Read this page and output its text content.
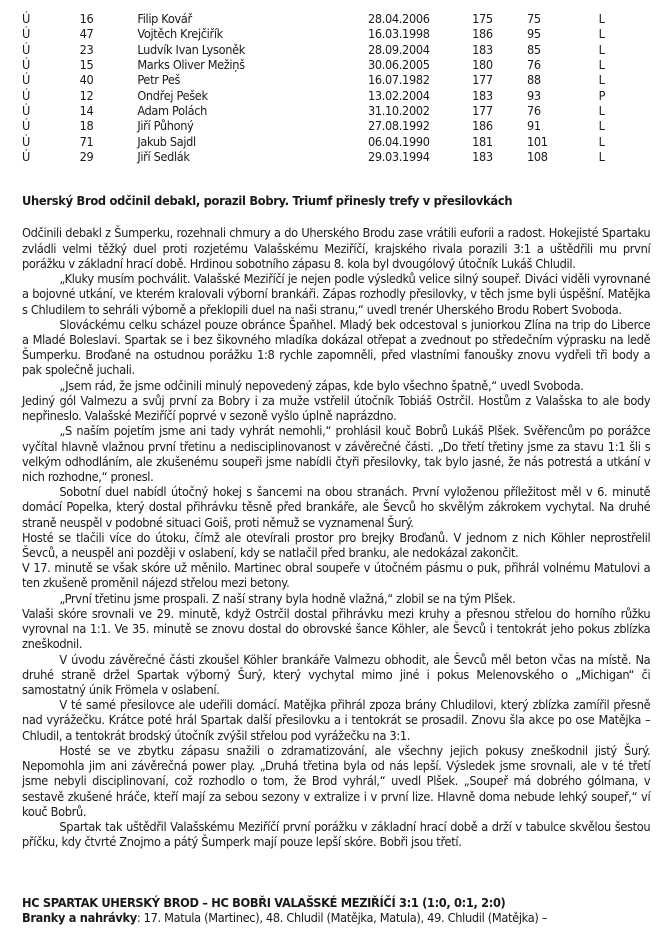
Ú	16	Filip Kovář	28.04.2006	175	75	L
Ú	47	Vojtěch Krejčiřík	16.03.1998	186	95	L
Ú	23	Ludvík Ivan Lysoněk	28.09.2004	183	85	L
Ú	15	Marks Oliver Mežiņš	30.06.2005	180	76	L
Ú	40	Petr Peš	16.07.1982	177	88	L
Ú	12	Ondřej Pešek	13.02.2004	183	93	P
Ú	14	Adam Polách	31.10.2002	177	76	L
Ú	18	Jiří Půhoný	27.08.1992	186	91	L
Ú	71	Jakub Sajdl	06.04.1990	181	101	L
Ú	29	Jiří Sedlák	29.03.1994	183	108	L
Uherský Brod odčinil debakl, porazil Bobry. Triumf přinesly trefy v přesilovkách

Odčinili debakl z Šumperku, rozehnali chmury a do Uherského Brodu zase vrátili euforii a radost. Hokejisté Spartaku zvládli velmi těžký duel proti rozjetému Valašskému Meziříčí, krajského rivala porazili 3:1 a uštědřili mu první porážku v základní hrací době. Hrdinou sobotního zápasu 8. kola byl dvougólový útočník Lukáš Chludil.

„Kluky musím pochválit. Valašské Meziříčí je nejen podle výsledků velice silný soupeř. Diváci viděli vyrovnané a bojovné utkání, ve kterém kralovali výborní brankáři. Zápas rozhodly přesilovky, v těch jsme byli úspěšní. Matějka s Chludilem to sehráli výborně a překlopili duel na naši stranu,“ uvedl trenér Uherského Brodu Robert Svoboda.

Slováckému celku scházel pouze obránce Špaňhel. Mladý bek odcestoval s juniorkou Zlína na trip do Liberce a Mladé Boleslavi. Spartak se i bez šikovného mladíka dokázal otřepat a zvednout po středečním výprasku na ledě Šumperku. Broďané na ostudnou porážku 1:8 rychle zapomněli, před vlastními fanoušky znovu vydřeli tři body a pak společně juchali.

„Jsem rád, že jsme odčinili minulý nepovedený zápas, kde bylo všechno špatně,“ uvedl Svoboda.

Jediný gól Valmezu a svůj první za Bobry i za muže vstřelil útočník Tobiáš Ostrčil. Hostům z Valašska to ale body nepřineslo. Valašské Meziříčí poprvé v sezoně vyšlo úplně naprázdno.

„S naším pojetím jsme ani tady vyhrát nemohli,“ prohlásil kouč Bobrů Lukáš Plšek. Svěřencům po porážce vyčítal hlavně vlažnou první třetinu a nedisciplinovanost v závěrečné části. „Do třetí třetiny jsme za stavu 1:1 šli s velkým odhodláním, ale zkušenému soupeři jsme nabídli čtyři přesilovky, tak bylo jasné, že nás potrestá a utkání v nich rozhodne,“ pronesl.

Sobotní duel nabídl útočný hokej s šancemi na obou stranách. První vyloženou příležitost měl v 6. minutě domácí Popelka, který dostal přihrávku těsně před brankáře, ale Ševců ho skvělým zákrokem vychytal. Na druhé straně neuspěl v podobné situaci Goiš, proti němuž se vyznamenal Šurý.

Hosté se tlačili více do útoku, čímž ale otevírali prostor pro brejky Broďanů. V jednom z nich Köhler neprostřelil Ševců, a neuspěl ani později v oslabení, kdy se natlačil před branku, ale nedokázal zakončit.

V 17. minutě se však skóre už měnilo. Martinec obral soupeře v útočném pásmu o puk, přihrál volnému Matulovi a ten zkušeně proměnil nájezd střelou mezi betony.

„První třetinu jsme prospali. Z naší strany byla hodně vlažná,“ zlobil se na tým Plšek.

Valaši skóre srovnali ve 29. minutě, když Ostrčil dostal přihrávku mezi kruhy a přesnou střelou do horního růžku vyrovnal na 1:1. Ve 35. minutě se znovu dostal do obrovské šance Köhler, ale Ševců i tentokrát jeho pokus zblízka zneškodnil.

V úvodu závěrečné části zkoušel Köhler brankáře Valmezu obhodit, ale Ševců měl beton včas na místě. Na druhé straně držel Spartak výborný Šurý, který vychytal mimo jiné i pokus Melenovského o „Michigan“ či samostatný únik Frömela v oslabení.

V té samé přesilovce ale udeřili domácí. Matějka přihrál zpoza brány Chludilovi, který zblízka zamířil přesně nad vyrážečku. Krátce poté hrál Spartak další přesilovku a i tentokrát se prosadil. Znovu šla akce po ose Matějka – Chludil, a tentokrát brodský útočník zvýšil střelou pod vyrážečku na 3:1.

Hosté se ve zbytku zápasu snažili o zdramatizování, ale všechny jejich pokusy zneškodnil jistý Šurý. Nepomohla jim ani závěrečná power play. „Druhá třetina byla od nás lepší. Výsledek jsme srovnali, ale v té třetí jsme nebyli disciplinovaní, což rozhodlo o tom, že Brod vyhrál,“ uvedl Plšek. „Soupeř má dobrého gólmana, v sestavě zkušené hráče, kteří mají za sebou sezony v extralize i v první lize. Hlavně doma nebude lehký soupeř,“ ví kouč Bobrů.

Spartak tak uštědřil Valašskému Meziříčí první porážku v základní hrací době a drží v tabulce skvělou šestou příčku, kdy čtvrté Znojmo a pátý Šumperk mají pouze lepší skóre. Bobři jsou třetí.

HC SPARTAK UHERSKÝ BROD – HC BOBŘI VALAŠSKÉ MEZIŘÍČÍ 3:1 (1:0, 0:1, 2:0)
Branky a nahrávky: 17. Matula (Martinec), 48. Chludil (Matějka, Matula), 49. Chludil (Matějka) –
